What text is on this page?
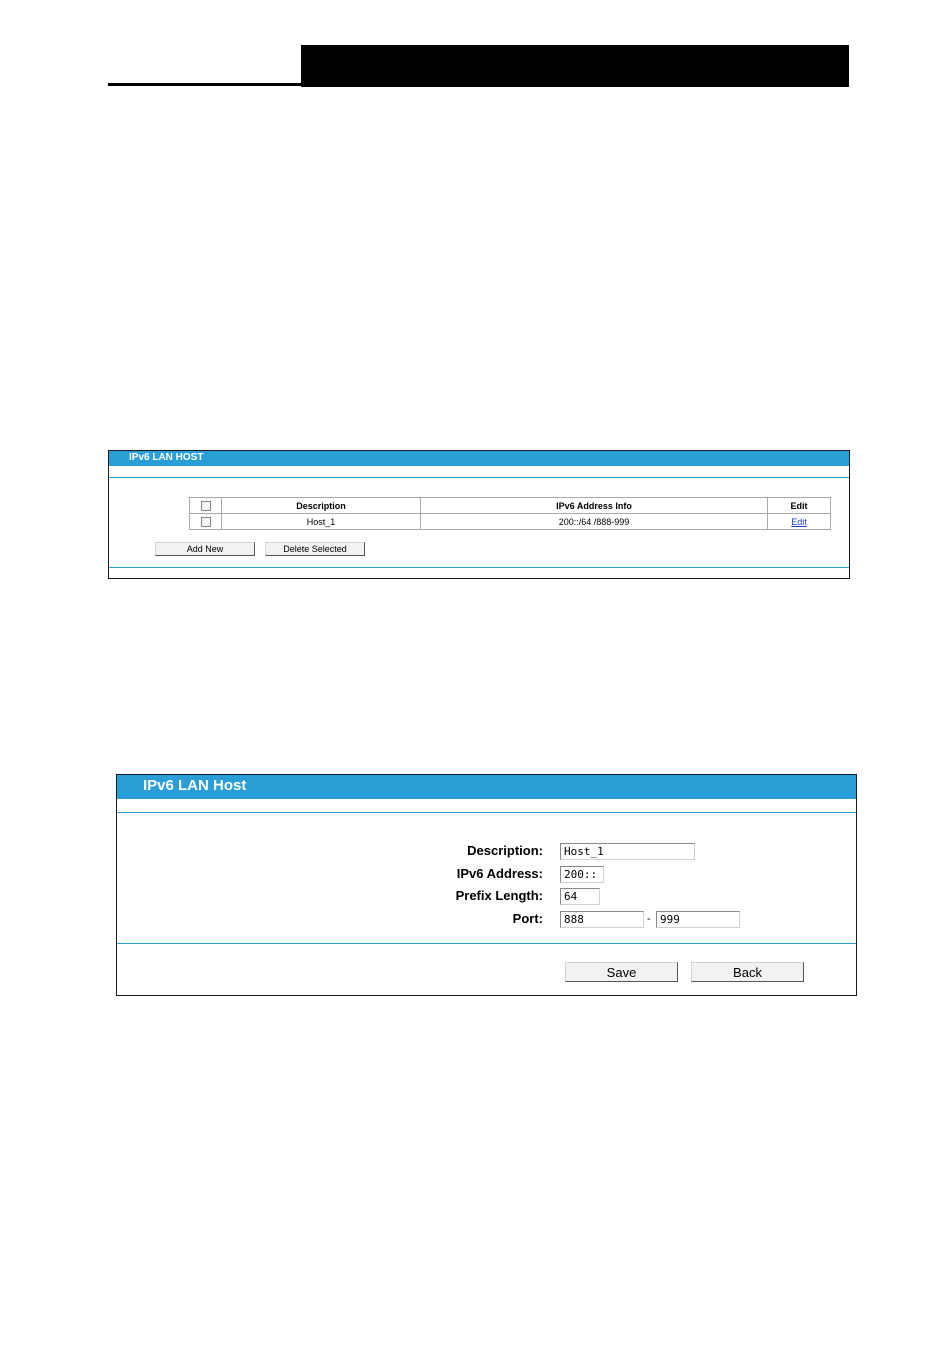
IPv6 LAN HOST
	Description	IPv6 Address Info	Edit
	Host_1	200::/64 /888-999	Edit
Add New	Delete Selected
IPv6 LAN Host
Description:	Host_1
IPv6 Address:	200::
Prefix Length:	64
Port:	888	- 999
Save	Back
